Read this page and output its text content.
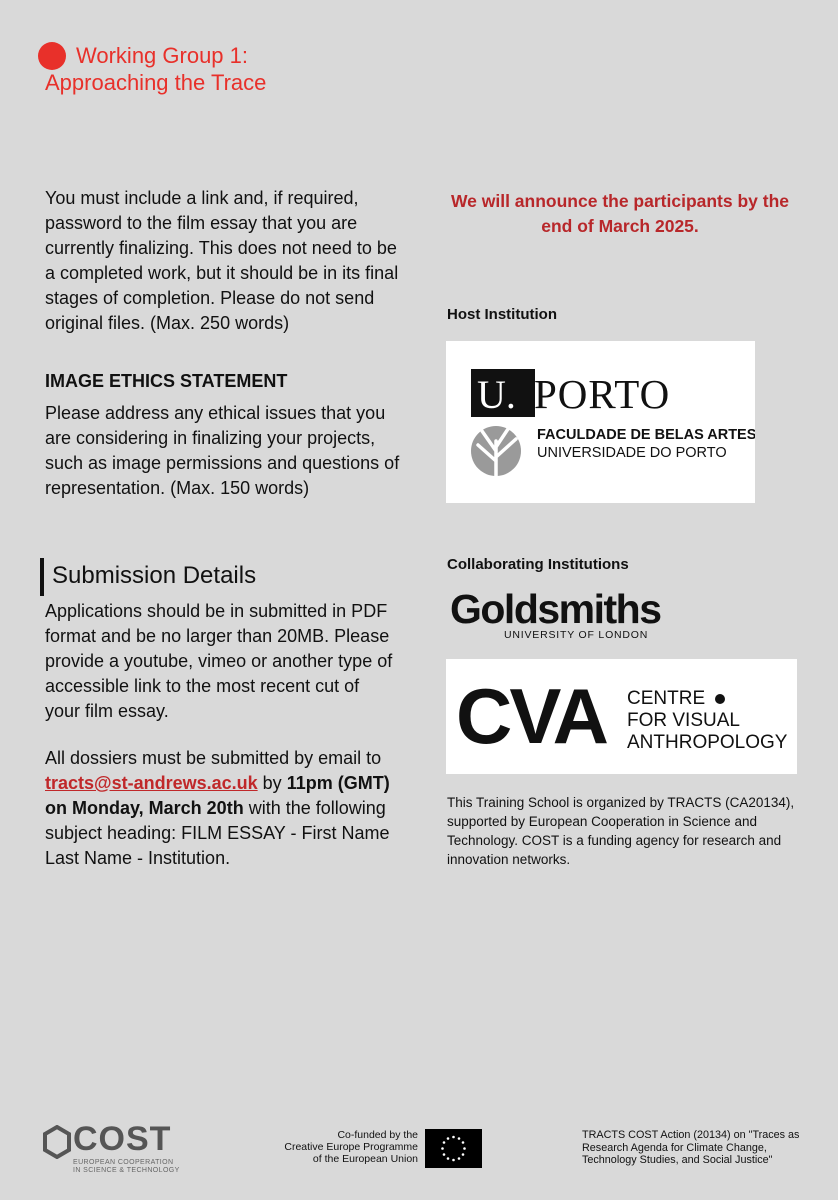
Working Group 1:
Approaching the Trace
You must include a link and, if required, password to the film essay that you are currently finalizing. This does not need to be a completed work, but it should be in its final stages of completion. Please do not send original files. (Max. 250 words)
IMAGE ETHICS STATEMENT
Please address any ethical issues that you are considering in finalizing your projects, such as image permissions and questions of representation. (Max. 150 words)
Submission Details
Applications should be in submitted in PDF format and be no larger than 20MB. Please provide a youtube, vimeo or another type of accessible link to the most recent cut of your film essay.
All dossiers must be submitted by email to tracts@st-andrews.ac.uk by 11pm (GMT) on Monday, March 20th with the following subject heading: FILM ESSAY - First Name Last Name - Institution.
We will announce the participants by the end of March 2025.
Host Institution
U. PORTO
FACULDADE DE BELAS ARTES
UNIVERSIDADE DO PORTO
Collaborating Institutions
Goldsmiths
UNIVERSITY OF LONDON
CVA CENTRE
FOR VISUAL
ANTHROPOLOGY
This Training School is organized by TRACTS (CA20134), supported by European Cooperation in Science and Technology. COST is a funding agency for research and innovation networks.
COST
EUROPEAN COOPERATION
IN SCIENCE & TECHNOLOGY
Co-funded by the
Creative Europe Programme
of the European Union
TRACTS COST Action (20134) on "Traces as Research Agenda for Climate Change, Technology Studies, and Social Justice"
